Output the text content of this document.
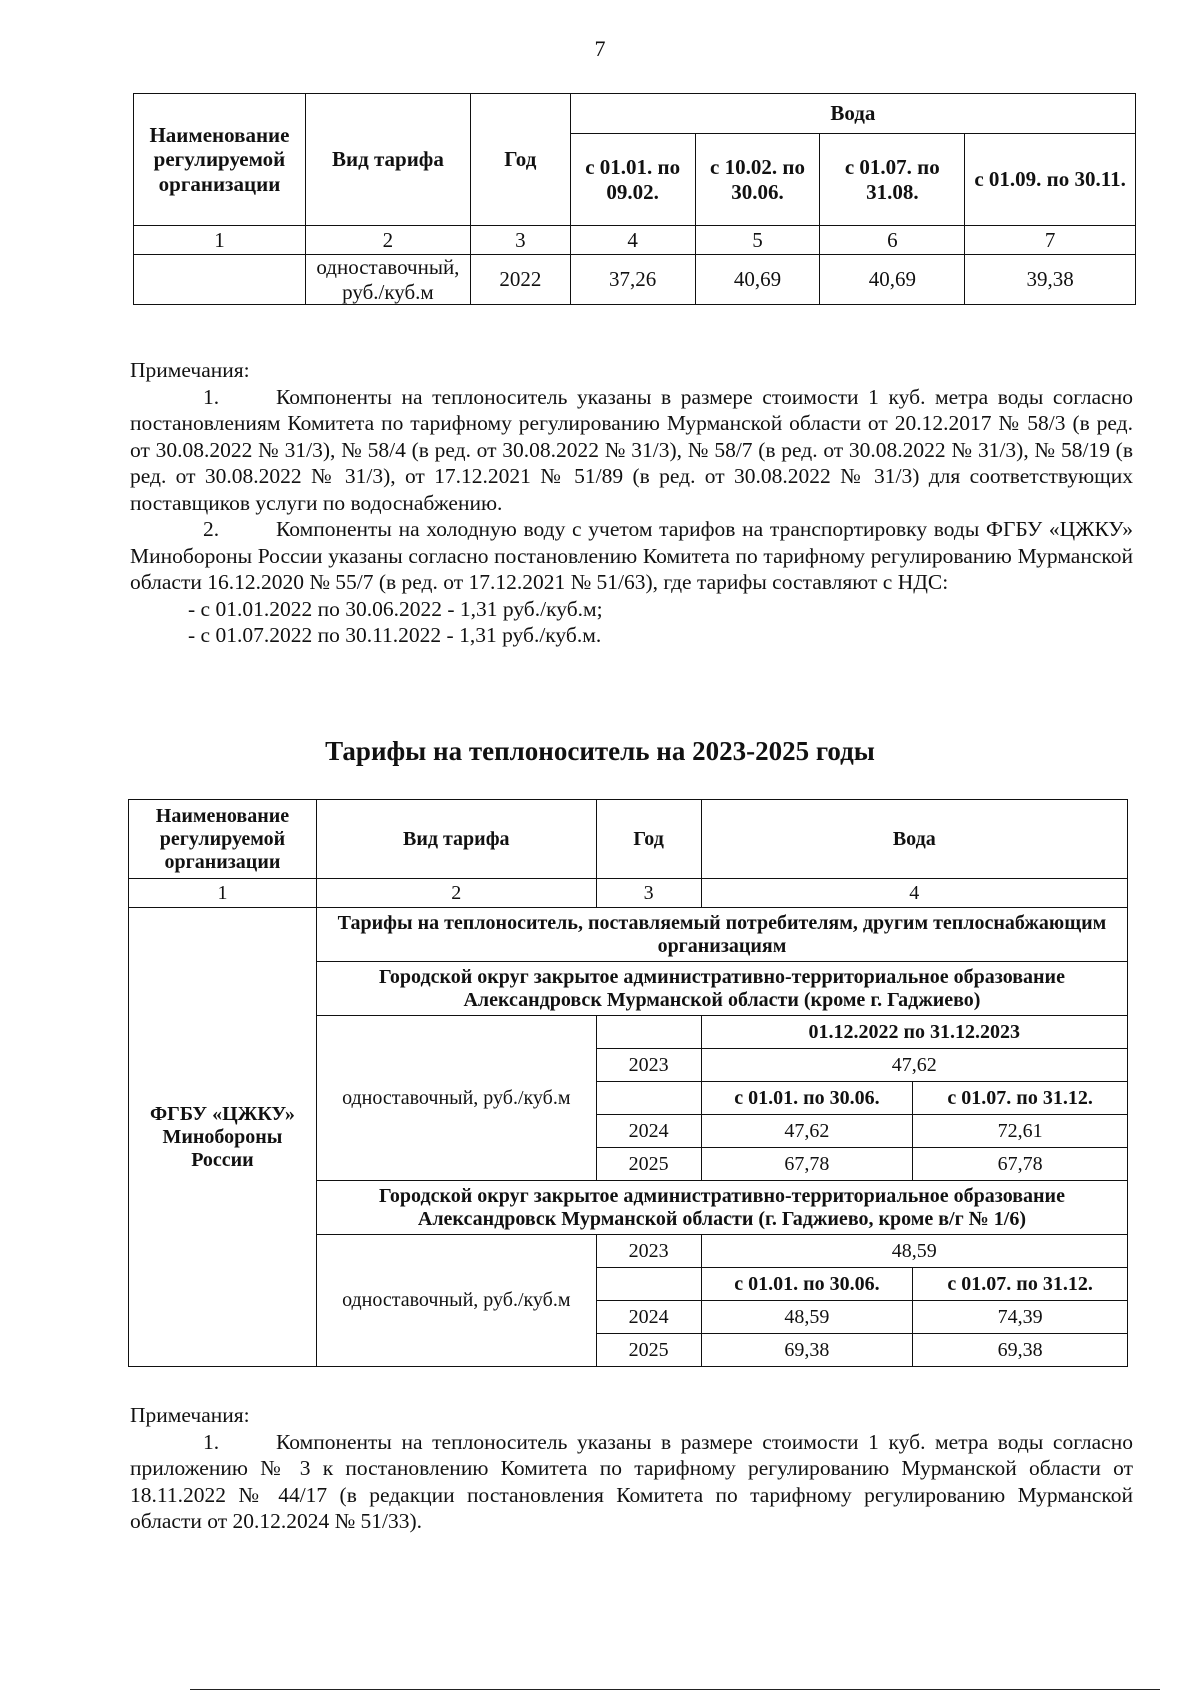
7
Наименование регулируемой организации	Вид тарифа	Год	Вода			
			с 01.01. по 09.02.	с 10.02. по 30.06.	с 01.07. по 31.08.	с 01.09. по 30.11.
1	2	3	4	5	6	7
	одноставочный, руб./куб.м	2022	37,26	40,69	40,69	39,38

Примечания:

1.	Компоненты на теплоноситель указаны в размере стоимости 1 куб. метра воды согласно постановлениям Комитета по тарифному регулированию Мурманской области от 20.12.2017 № 58/3 (в ред. от 30.08.2022 № 31/3), № 58/4 (в ред. от 30.08.2022 № 31/3), № 58/7 (в ред. от 30.08.2022 № 31/3), № 58/19 (в ред. от 30.08.2022 № 31/3), от 17.12.2021 № 51/89 (в ред. от 30.08.2022 № 31/3) для соответствующих поставщиков услуги по водоснабжению.

2.	Компоненты на холодную воду с учетом тарифов на транспортировку воды ФГБУ «ЦЖКУ» Минобороны России указаны согласно постановлению Комитета по тарифному регулированию Мурманской области 16.12.2020 № 55/7 (в ред. от 17.12.2021 № 51/63), где тарифы составляют с НДС:

- с 01.01.2022 по 30.06.2022 - 1,31 руб./куб.м;

- с 01.07.2022 по 30.11.2022 - 1,31 руб./куб.м.

Тарифы на теплоноситель на 2023-2025 годы
Наименование регулируемой организации	Вид тарифа	Год	Вода	
1	2	3	4	
ФГБУ «ЦЖКУ» Минобороны России	Тарифы на теплоноситель, поставляемый потребителям, другим теплоснабжающим организациям			
	Городской округ закрытое административно-территориальное образование Александровск Мурманской области (кроме г. Гаджиево)			
	одноставочный, руб./куб.м		01.12.2022 по 31.12.2023	
		2023	47,62	
			с 01.01. по 30.06.	с 01.07. по 31.12.
		2024	47,62	72,61
		2025	67,78	67,78

	Городской округ закрытое административно-территориальное образование Александровск Мурманской области (г. Гаджиево, кроме в/г № 1/6)			
	одноставочный, руб./куб.м	2023	48,59	
			с 01.01. по 30.06.	с 01.07. по 31.12.
		2024	48,59	74,39
		2025	69,38	69,38

Примечания:

1.	Компоненты на теплоноситель указаны в размере стоимости 1 куб. метра воды согласно приложению № 3 к постановлению Комитета по тарифному регулированию Мурманской области от 18.11.2022 № 44/17 (в редакции постановления Комитета по тарифному регулированию Мурманской области от 20.12.2024 № 51/33).
